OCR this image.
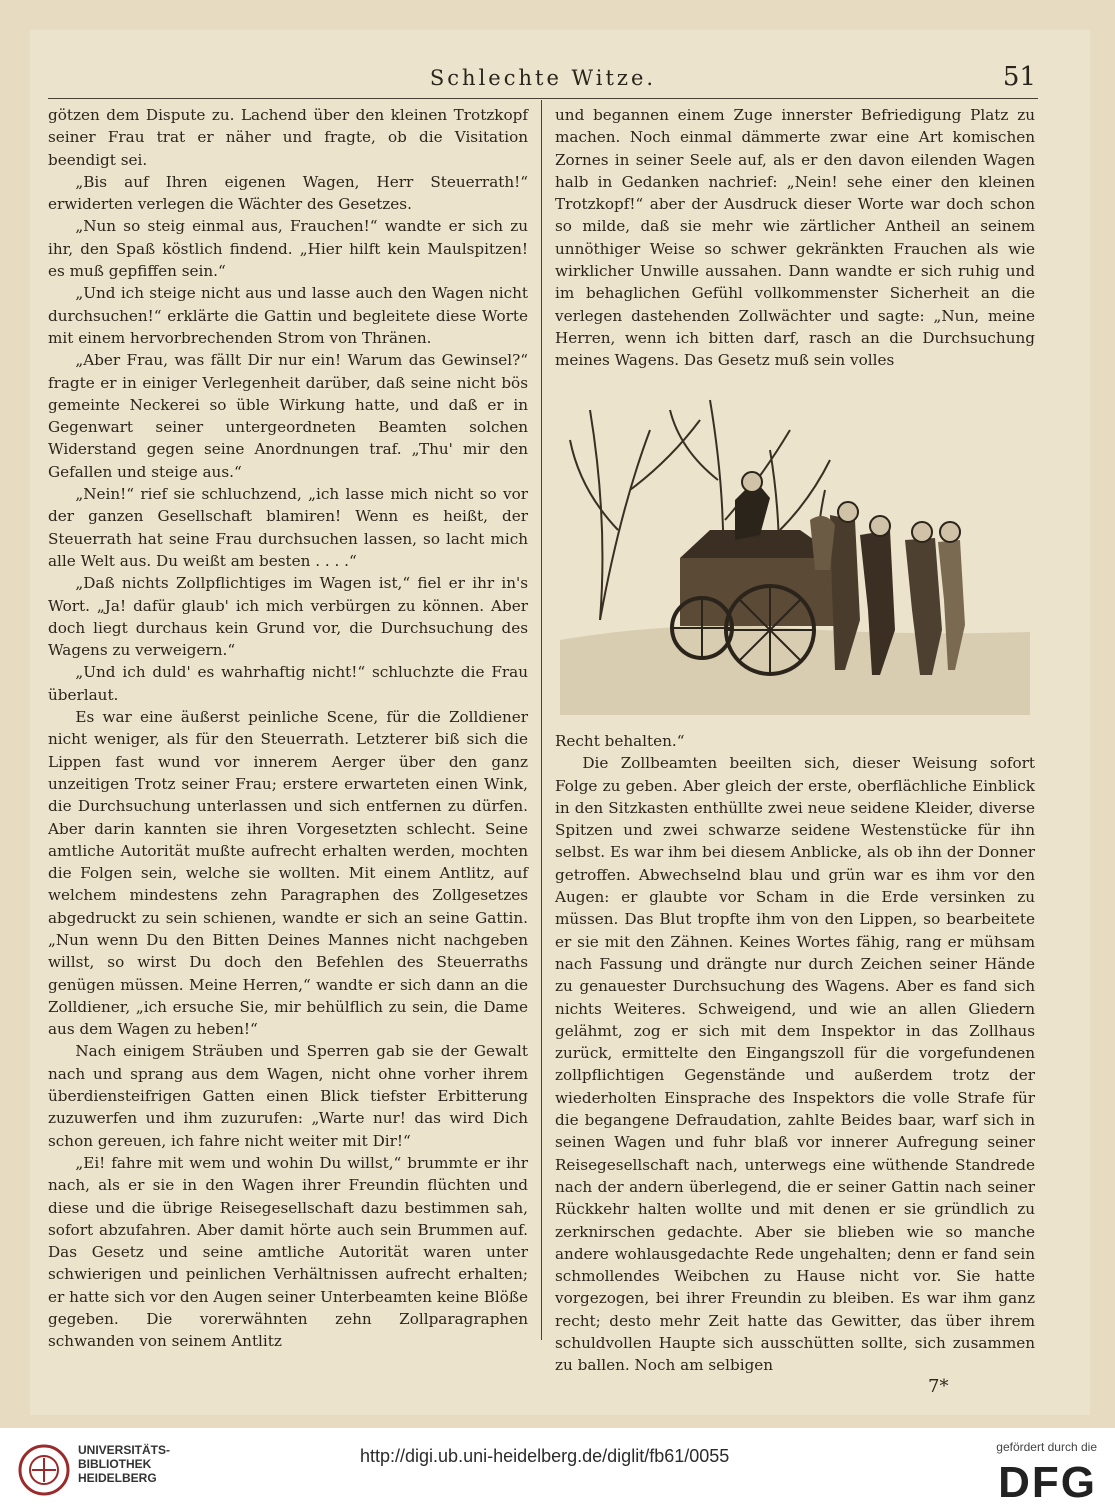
Schlechte Witze.	51

götzen dem Dispute zu. Lachend über den kleinen Trotzkopf seiner Frau trat er näher und fragte, ob die Visitation beendigt sei.

„Bis auf Ihren eigenen Wagen, Herr Steuerrath!“ erwiderten verlegen die Wächter des Gesetzes.

„Nun so steig einmal aus, Frauchen!“ wandte er sich zu ihr, den Spaß köstlich findend. „Hier hilft kein Maulspitzen! es muß gepfiffen sein.“

„Und ich steige nicht aus und lasse auch den Wagen nicht durchsuchen!“ erklärte die Gattin und begleitete diese Worte mit einem hervorbrechenden Strom von Thränen.

„Aber Frau, was fällt Dir nur ein! Warum das Gewinsel?“ fragte er in einiger Verlegenheit darüber, daß seine nicht bös gemeinte Neckerei so üble Wirkung hatte, und daß er in Gegenwart seiner untergeordneten Beamten solchen Widerstand gegen seine Anordnungen traf. „Thu' mir den Gefallen und steige aus.“

„Nein!“ rief sie schluchzend, „ich lasse mich nicht so vor der ganzen Gesellschaft blamiren! Wenn es heißt, der Steuerrath hat seine Frau durchsuchen lassen, so lacht mich alle Welt aus. Du weißt am besten . . . .“

„Daß nichts Zollpflichtiges im Wagen ist,“ fiel er ihr in's Wort. „Ja! dafür glaub' ich mich verbürgen zu können. Aber doch liegt durchaus kein Grund vor, die Durchsuchung des Wagens zu verweigern.“

„Und ich duld' es wahrhaftig nicht!“ schluchzte die Frau überlaut.

Es war eine äußerst peinliche Scene, für die Zolldiener nicht weniger, als für den Steuerrath. Letzterer biß sich die Lippen fast wund vor innerem Aerger über den ganz unzeitigen Trotz seiner Frau; erstere erwarteten einen Wink, die Durchsuchung unterlassen und sich entfernen zu dürfen. Aber darin kannten sie ihren Vorgesetzten schlecht. Seine amtliche Autorität mußte aufrecht erhalten werden, mochten die Folgen sein, welche sie wollten. Mit einem Antlitz, auf welchem mindestens zehn Paragraphen des Zollgesetzes abgedruckt zu sein schienen, wandte er sich an seine Gattin. „Nun wenn Du den Bitten Deines Mannes nicht nachgeben willst, so wirst Du doch den Befehlen des Steuerraths genügen müssen. Meine Herren,“ wandte er sich dann an die Zolldiener, „ich ersuche Sie, mir behülflich zu sein, die Dame aus dem Wagen zu heben!“

Nach einigem Sträuben und Sperren gab sie der Gewalt nach und sprang aus dem Wagen, nicht ohne vorher ihrem überdiensteifrigen Gatten einen Blick tiefster Erbitterung zuzuwerfen und ihm zuzurufen: „Warte nur! das wird Dich schon gereuen, ich fahre nicht weiter mit Dir!“

„Ei! fahre mit wem und wohin Du willst,“ brummte er ihr nach, als er sie in den Wagen ihrer Freundin flüchten und diese und die übrige Reisegesellschaft dazu bestimmen sah, sofort abzufahren. Aber damit hörte auch sein Brummen auf. Das Gesetz und seine amtliche Autorität waren unter schwierigen und peinlichen Verhältnissen aufrecht erhalten; er hatte sich vor den Augen seiner Unterbeamten keine Blöße gegeben. Die vorerwähnten zehn Zollparagraphen schwanden von seinem Antlitz

und begannen einem Zuge innerster Befriedigung Platz zu machen. Noch einmal dämmerte zwar eine Art komischen Zornes in seiner Seele auf, als er den davon eilenden Wagen halb in Gedanken nachrief: „Nein! sehe einer den kleinen Trotzkopf!“ aber der Ausdruck dieser Worte war doch schon so milde, daß sie mehr wie zärtlicher Antheil an seinem unnöthiger Weise so schwer gekränkten Frauchen als wie wirklicher Unwille aussahen. Dann wandte er sich ruhig und im behaglichen Gefühl vollkommenster Sicherheit an die verlegen dastehenden Zollwächter und sagte: „Nun, meine Herren, wenn ich bitten darf, rasch an die Durchsuchung meines Wagens. Das Gesetz muß sein volles

Recht behalten.“

Die Zollbeamten beeilten sich, dieser Weisung sofort Folge zu geben. Aber gleich der erste, oberflächliche Einblick in den Sitzkasten enthüllte zwei neue seidene Kleider, diverse Spitzen und zwei schwarze seidene Westenstücke für ihn selbst. Es war ihm bei diesem Anblicke, als ob ihn der Donner getroffen. Abwechselnd blau und grün war es ihm vor den Augen: er glaubte vor Scham in die Erde versinken zu müssen. Das Blut tropfte ihm von den Lippen, so bearbeitete er sie mit den Zähnen. Keines Wortes fähig, rang er mühsam nach Fassung und drängte nur durch Zeichen seiner Hände zu genauester Durchsuchung des Wagens. Aber es fand sich nichts Weiteres. Schweigend, und wie an allen Gliedern gelähmt, zog er sich mit dem Inspektor in das Zollhaus zurück, ermittelte den Eingangszoll für die vorgefundenen zollpflichtigen Gegenstände und außerdem trotz der wiederholten Einsprache des Inspektors die volle Strafe für die begangene Defraudation, zahlte Beides baar, warf sich in seinen Wagen und fuhr blaß vor innerer Aufregung seiner Reisegesellschaft nach, unterwegs eine wüthende Standrede nach der andern überlegend, die er seiner Gattin nach seiner Rückkehr halten wollte und mit denen er sie gründlich zu zerknirschen gedachte. Aber sie blieben wie so manche andere wohlausgedachte Rede ungehalten; denn er fand sein schmollendes Weibchen zu Hause nicht vor. Sie hatte vorgezogen, bei ihrer Freundin zu bleiben. Es war ihm ganz recht; desto mehr Zeit hatte das Gewitter, das über ihrem schuldvollen Haupte sich ausschütten sollte, sich zusammen zu ballen. Noch am selbigen

7*
UNIVERSITÄTS-
BIBLIOTHEK
HEIDELBERG
http://digi.ub.uni-heidelberg.de/diglit/fb61/0055	gefördert durch die
DFG
